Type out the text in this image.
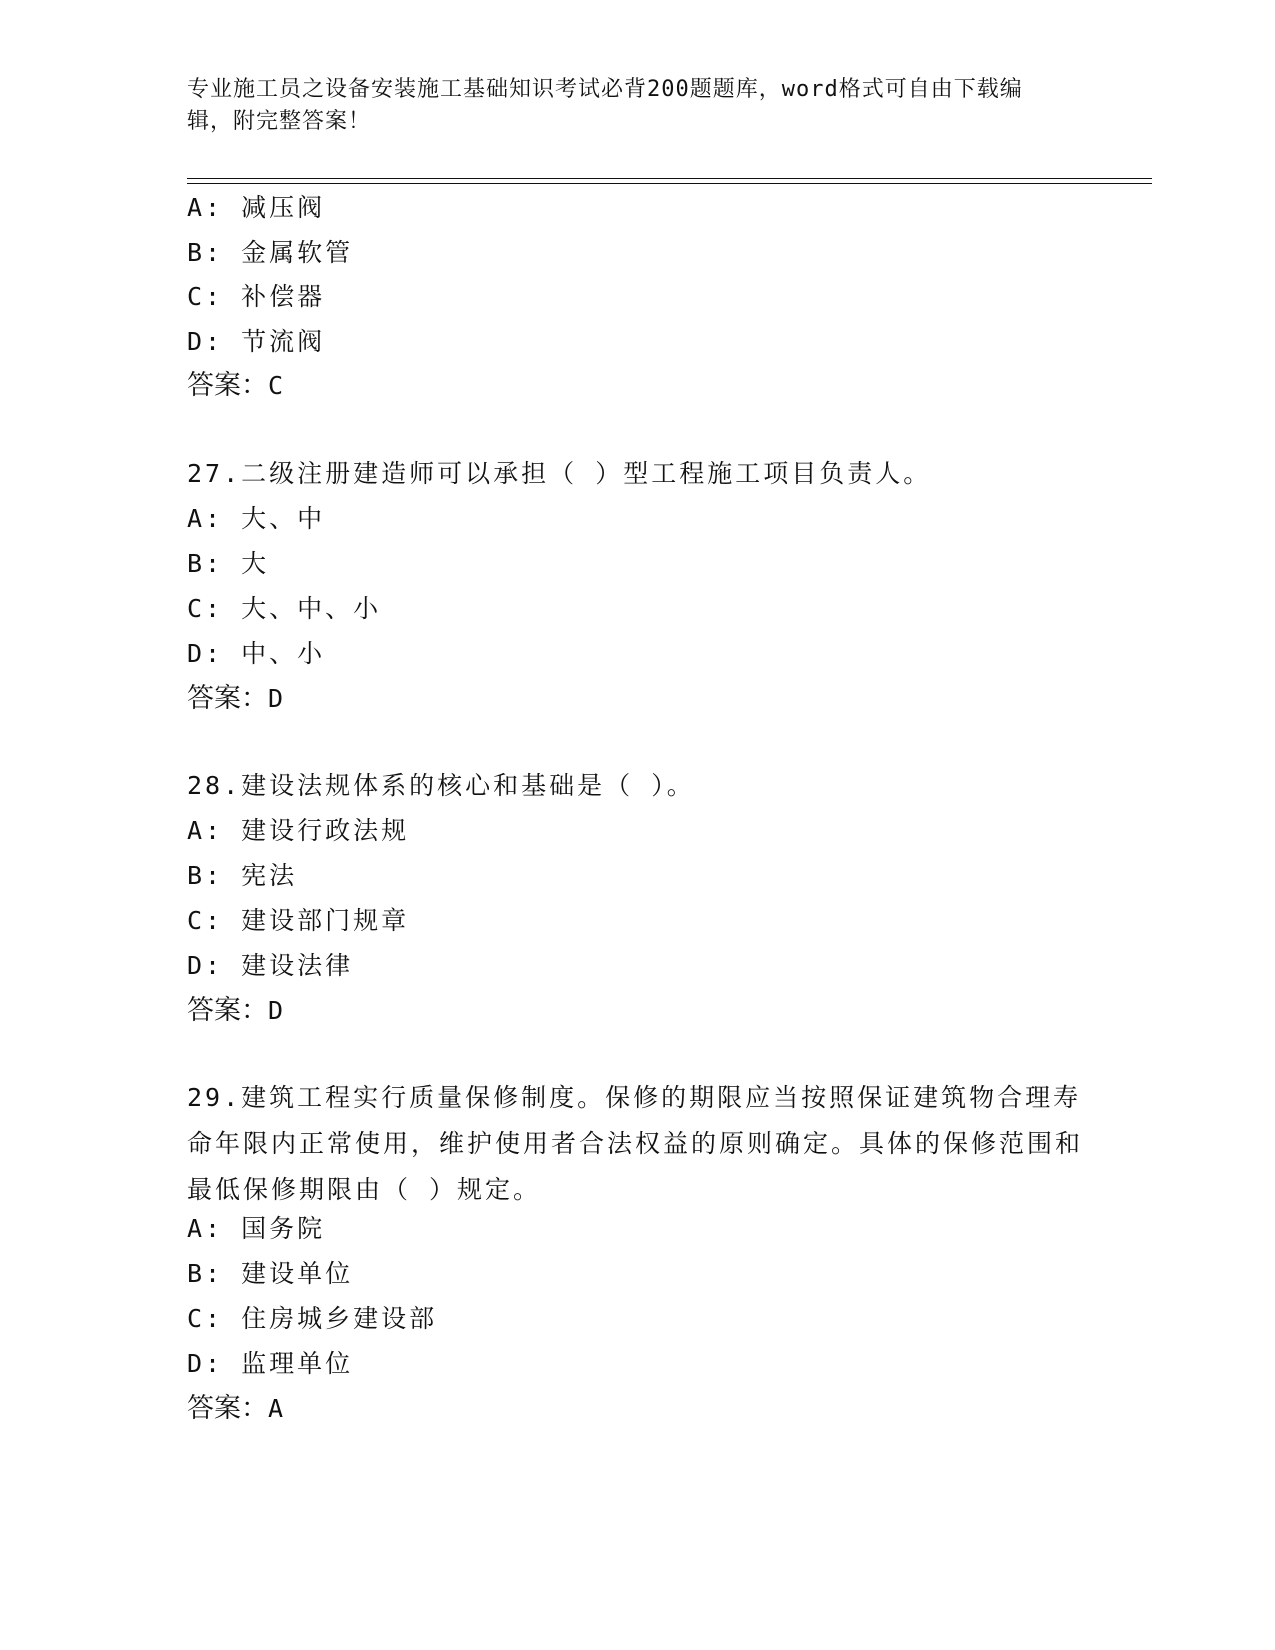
专业施工员之设备安装施工基础知识考试必背200题题库，word格式可自由下载编辑，附完整答案！
A: 减压阀
B: 金属软管
C: 补偿器
D: 节流阀
答案：C
27.二级注册建造师可以承担（ ）型工程施工项目负责人。
A: 大、中
B: 大
C: 大、中、小
D: 中、小
答案：D
28.建设法规体系的核心和基础是（ ）。
A: 建设行政法规
B: 宪法
C: 建设部门规章
D: 建设法律
答案：D
29.建筑工程实行质量保修制度。保修的期限应当按照保证建筑物合理寿命年限内正常使用，维护使用者合法权益的原则确定。具体的保修范围和最低保修期限由（ ）规定。
A: 国务院
B: 建设单位
C: 住房城乡建设部
D: 监理单位
答案：A
